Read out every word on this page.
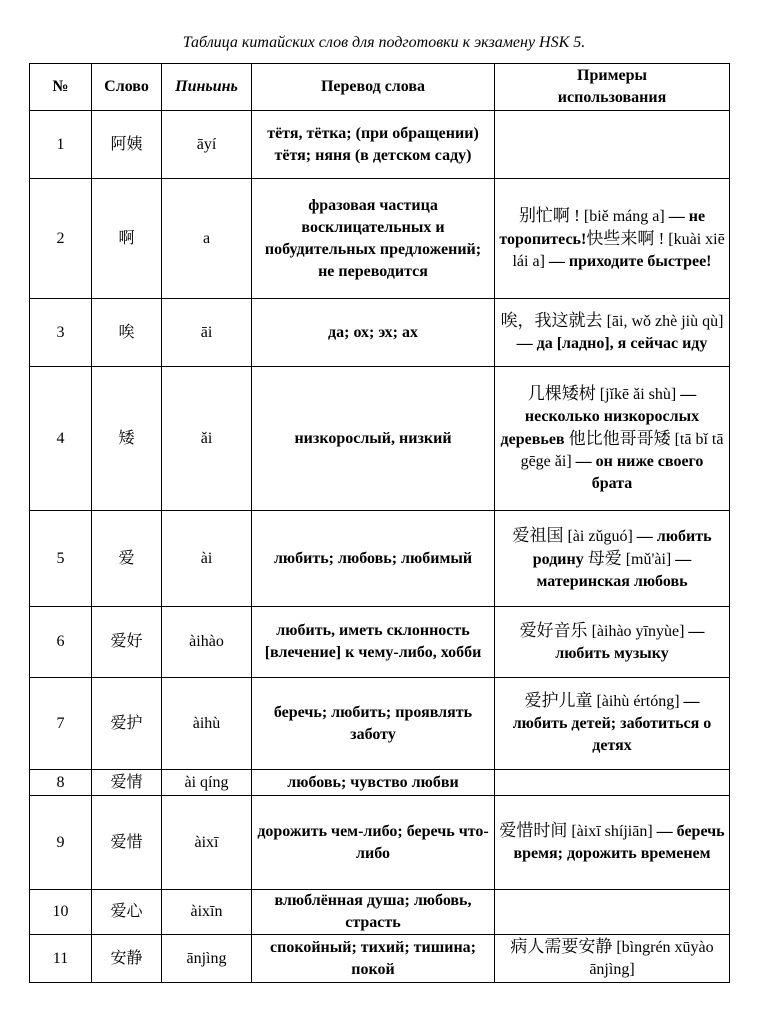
Таблица китайских слов для подготовки к экзамену HSK 5.
№	Слово	Пиньинь	Перевод слова	Примеры
использования
1	阿姨	āyí	тётя, тётка; (при обращении) тётя; няня (в детском саду)	
2	啊	a	фразовая частица восклицательных и побудительных предложений; не переводится	别忙啊 ! [biě máng a] — не торопитесь!快些来啊 ! [kuài xiē lái a] — приходите быстрее!
3	唉	āi	да; ох; эх; ах	唉，我这就去 [āi, wǒ zhè jiù qù] — да [ладно], я сейчас иду
4	矮	ǎi	низкорослый, низкий	几棵矮树 [jǐkē ǎi shù] — несколько низкорослых деревьев 他比他哥哥矮 [tā bǐ tā gēge ǎi] — он ниже своего брата
5	爱	ài	любить; любовь; любимый	爱祖国 [ài zǔguó] — любить родину 母爱 [mǔ'ài] — материнская любовь
6	爱好	àihào	любить, иметь склонность [влечение] к чему-либо, хобби	爱好音乐 [àihào yīnyùe] — любить музыку
7	爱护	àihù	беречь; любить; проявлять заботу	爱护儿童 [àihù értóng] — любить детей; заботиться о детях
8	爱情	ài qíng	любовь; чувство любви	
9	爱惜	àixī	дорожить чем-либо; беречь что-либо	爱惜时间 [àixī shíjiān] — беречь время; дорожить временем
10	爱心	àixīn	влюблённая душа; любовь, страсть	
11	安静	ānjìng	спокойный; тихий; тишина; покой	病人需要安静 [bìngrén xūyào ānjìng]
